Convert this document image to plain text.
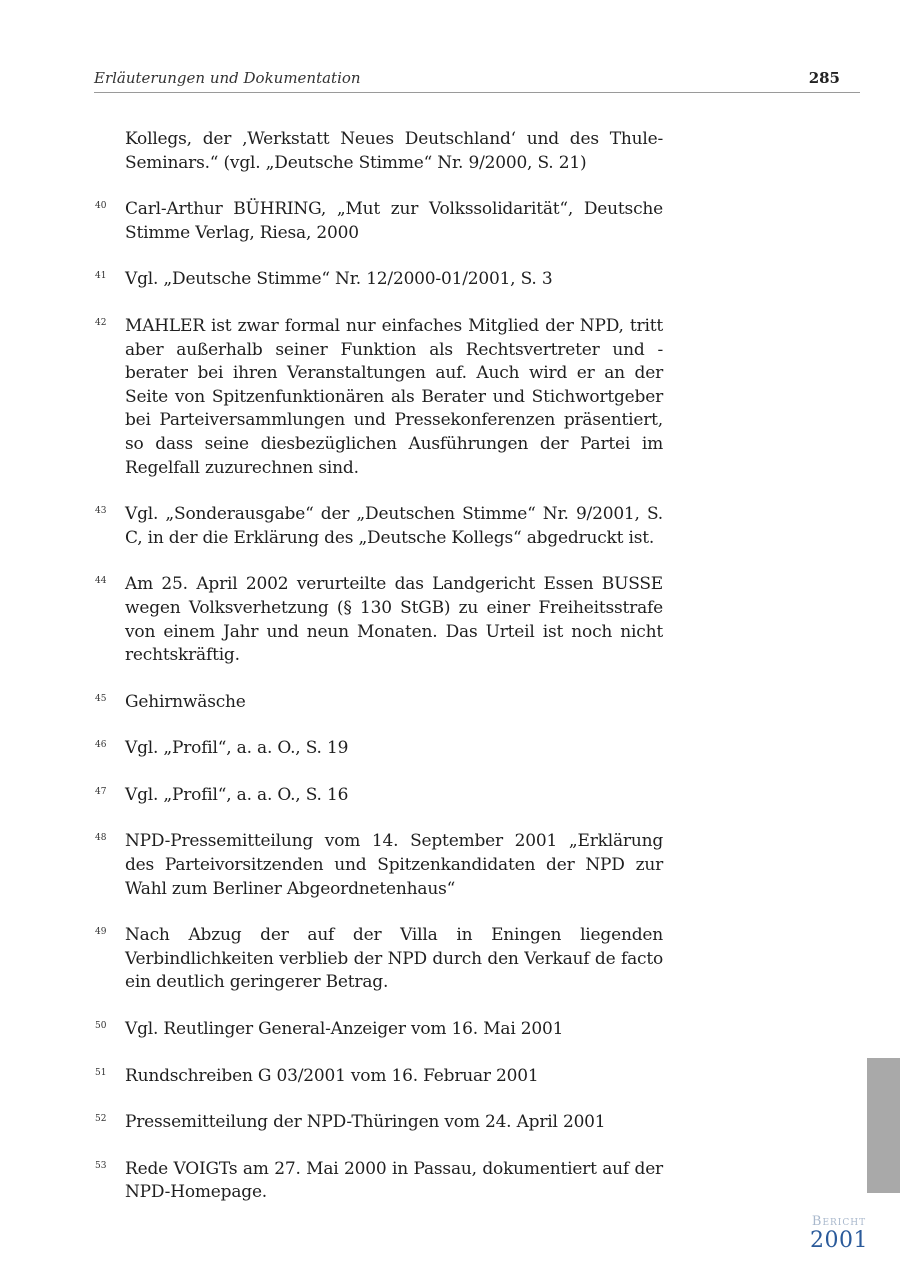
Erläuterungen und Dokumentation	285
Kollegs, der ‚Werkstatt Neues Deutschland‘ und des Thule-Seminars.“ (vgl. „Deutsche Stimme“ Nr. 9/2000, S. 21)
40 Carl-Arthur BÜHRING, „Mut zur Volkssolidarität“, Deutsche Stimme Verlag, Riesa, 2000
41 Vgl. „Deutsche Stimme“ Nr. 12/2000-01/2001, S. 3
42 MAHLER ist zwar formal nur einfaches Mitglied der NPD, tritt aber außerhalb seiner Funktion als Rechtsvertreter und -berater bei ihren Veranstaltungen auf. Auch wird er an der Seite von Spitzenfunktionären als Berater und Stichwortgeber bei Parteiversammlungen und Pressekonferenzen präsentiert, so dass seine diesbezüglichen Ausführungen der Partei im Regelfall zuzurechnen sind.
43 Vgl. „Sonderausgabe“ der „Deutschen Stimme“ Nr. 9/2001, S. C, in der die Erklärung des „Deutsche Kollegs“ abgedruckt ist.
44 Am 25. April 2002 verurteilte das Landgericht Essen BUSSE wegen Volksverhetzung (§ 130 StGB) zu einer Freiheitsstrafe von einem Jahr und neun Monaten. Das Urteil ist noch nicht rechtskräftig.
45 Gehirnwäsche
46 Vgl. „Profil“, a. a. O., S. 19
47 Vgl. „Profil“, a. a. O., S. 16
48 NPD-Pressemitteilung vom 14. September 2001 „Erklärung des Parteivorsitzenden und Spitzenkandidaten der NPD zur Wahl zum Berliner Abgeordnetenhaus“
49 Nach Abzug der auf der Villa in Eningen liegenden Verbindlichkeiten verblieb der NPD durch den Verkauf de facto ein deutlich geringerer Betrag.
50 Vgl. Reutlinger General-Anzeiger vom 16. Mai 2001
51 Rundschreiben G 03/2001 vom 16. Februar 2001
52 Pressemitteilung der NPD-Thüringen vom 24. April 2001
53 Rede VOIGTs am 27. Mai 2000 in Passau, dokumentiert auf der NPD-Homepage.
Bericht
2001
